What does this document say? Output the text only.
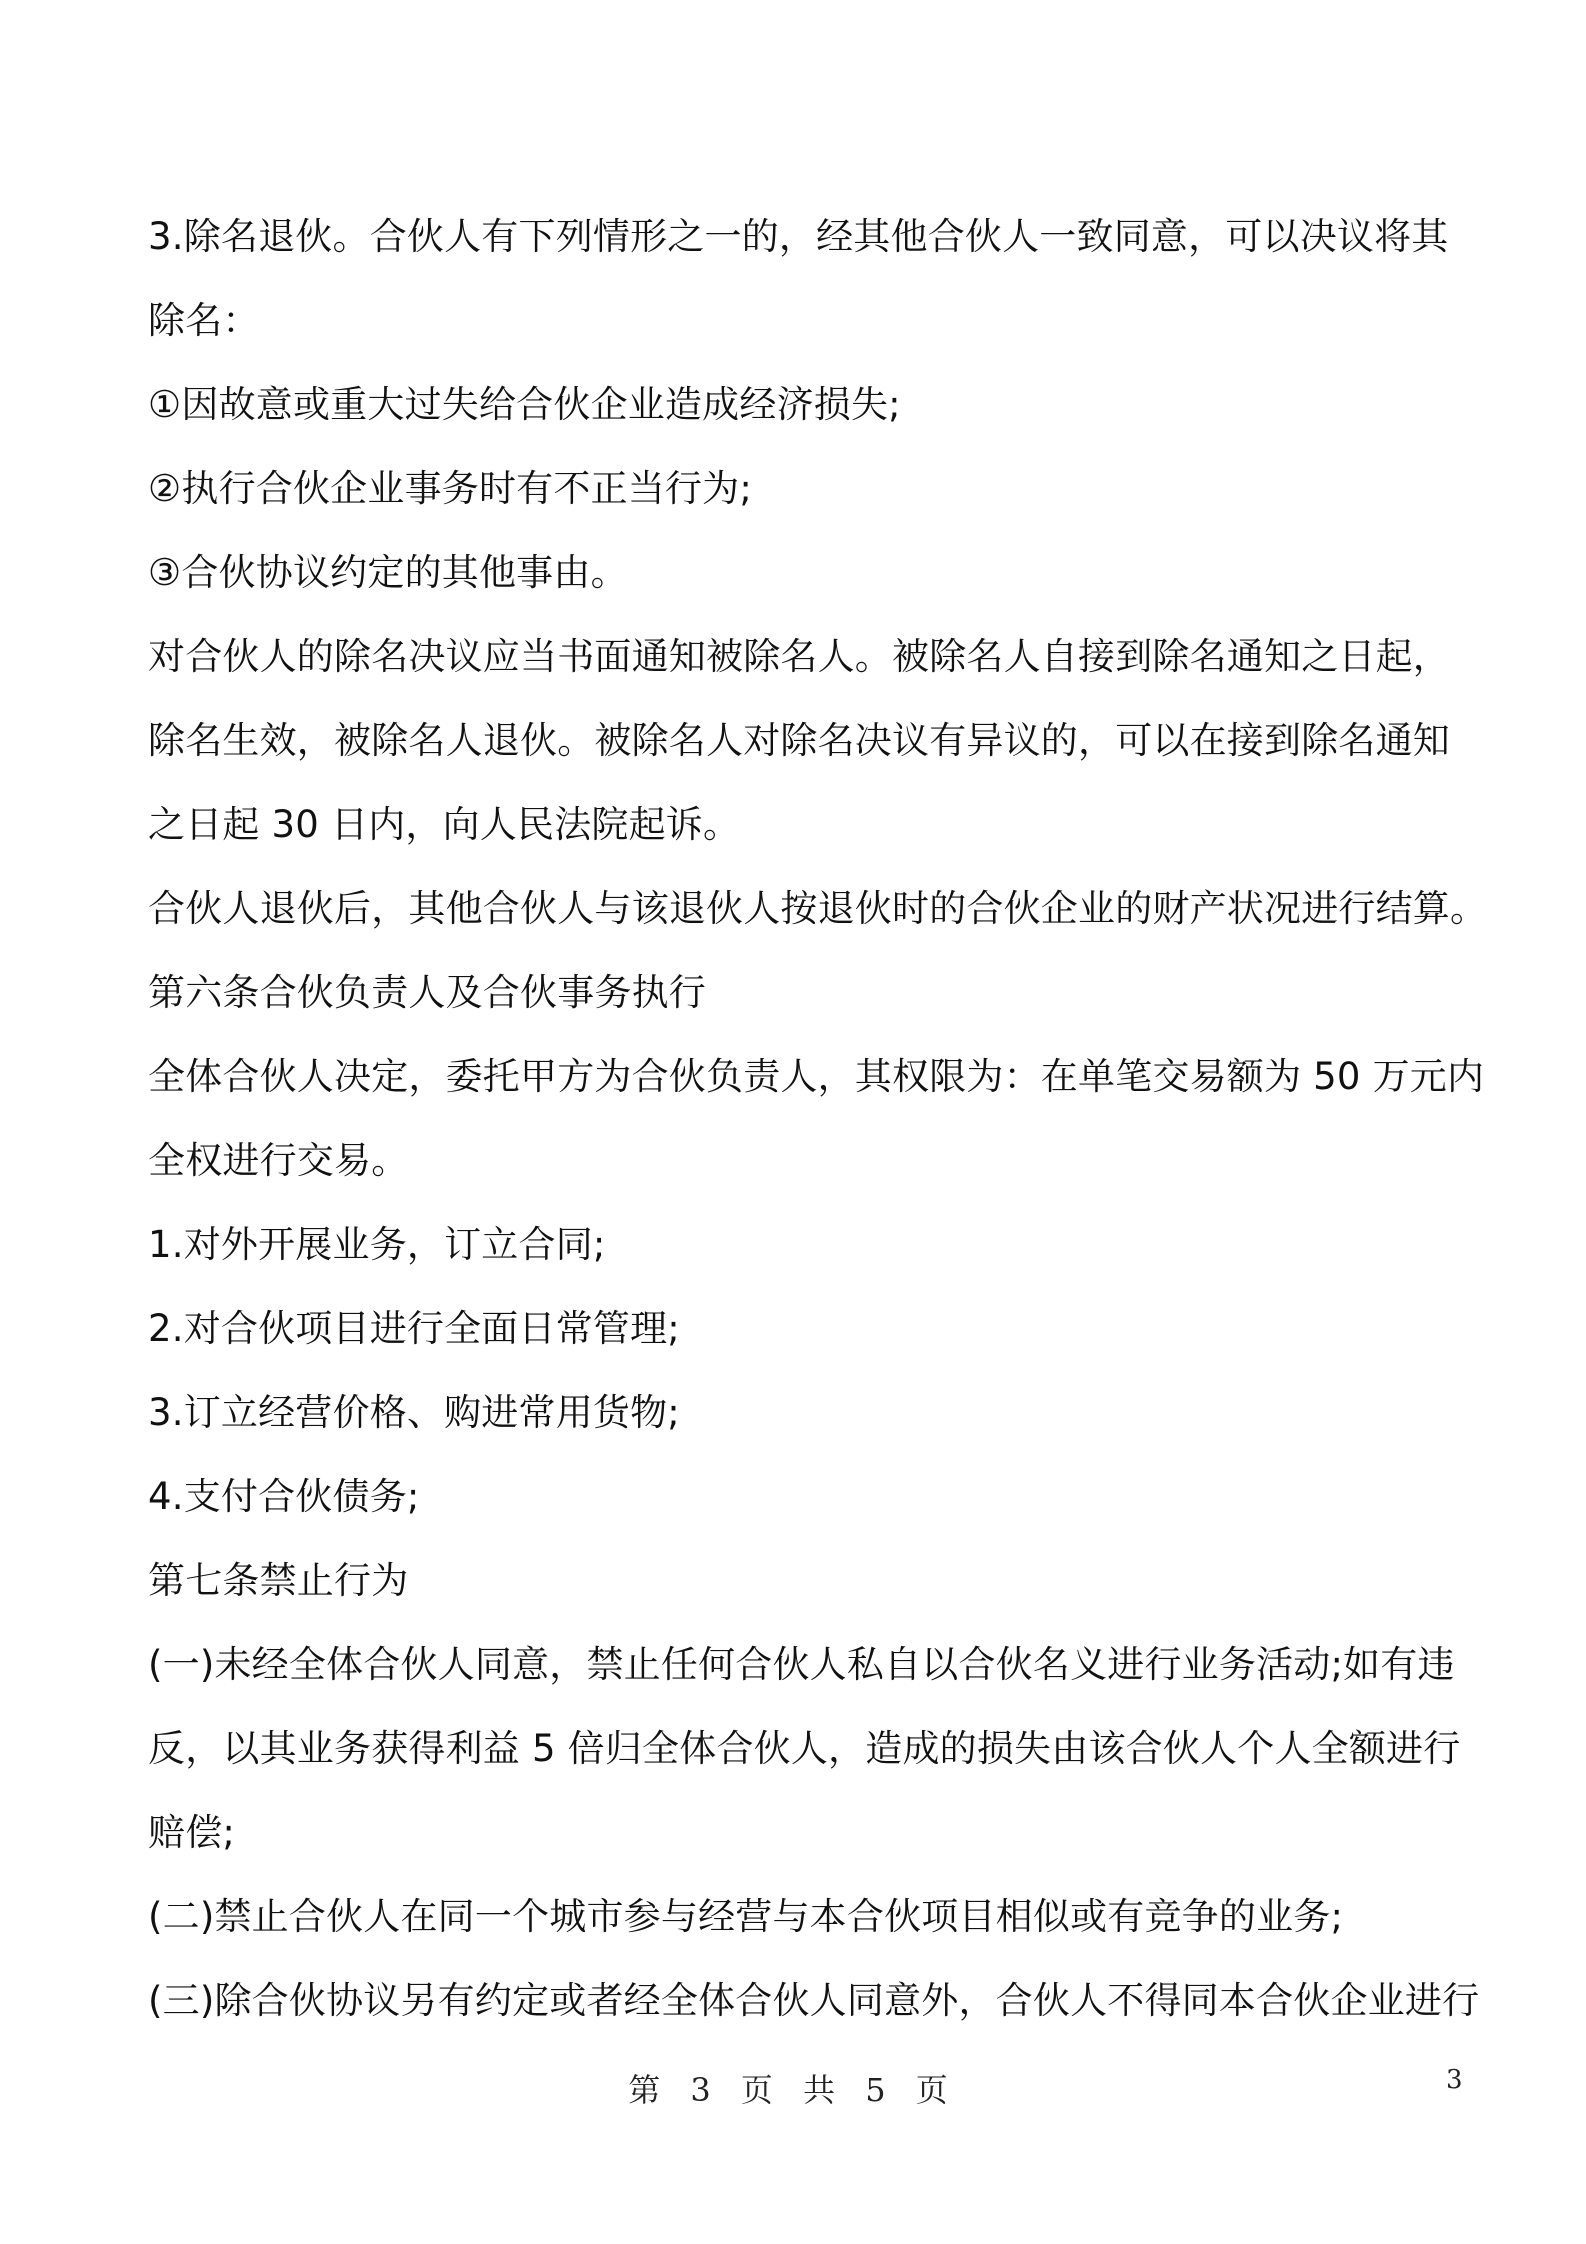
3.除名退伙。合伙人有下列情形之一的，经其他合伙人一致同意，可以决议将其
除名：
①因故意或重大过失给合伙企业造成经济损失;
②执行合伙企业事务时有不正当行为;
③合伙协议约定的其他事由。
对合伙人的除名决议应当书面通知被除名人。被除名人自接到除名通知之日起，
除名生效，被除名人退伙。被除名人对除名决议有异议的，可以在接到除名通知
之日起 30 日内，向人民法院起诉。
合伙人退伙后，其他合伙人与该退伙人按退伙时的合伙企业的财产状况进行结算。
第六条合伙负责人及合伙事务执行
全体合伙人决定，委托甲方为合伙负责人，其权限为：在单笔交易额为 50 万元内
全权进行交易。
1.对外开展业务，订立合同;
2.对合伙项目进行全面日常管理;
3.订立经营价格、购进常用货物;
4.支付合伙债务;
第七条禁止行为
(一)未经全体合伙人同意，禁止任何合伙人私自以合伙名义进行业务活动;如有违
反，以其业务获得利益 5 倍归全体合伙人，造成的损失由该合伙人个人全额进行
赔偿;
(二)禁止合伙人在同一个城市参与经营与本合伙项目相似或有竞争的业务;
(三)除合伙协议另有约定或者经全体合伙人同意外，合伙人不得同本合伙企业进行
第 3 页 共 5 页	3
